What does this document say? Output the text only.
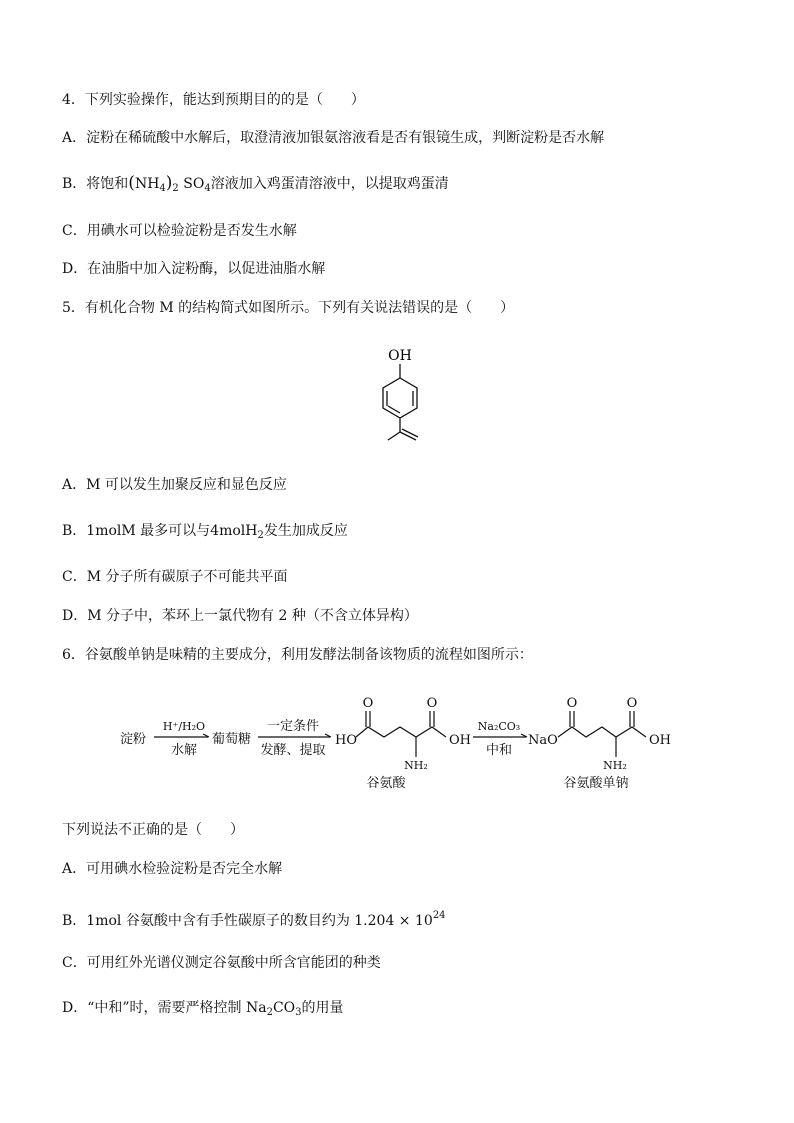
4．下列实验操作，能达到预期目的的是（　　）
A．淀粉在稀硫酸中水解后，取澄清液加银氨溶液看是否有银镜生成，判断淀粉是否水解
B．将饱和$(NH_4)_2$ $SO_4$溶液加入鸡蛋清溶液中，以提取鸡蛋清
C．用碘水可以检验淀粉是否发生水解
D．在油脂中加入淀粉酶，以促进油脂水解
5．有机化合物 M 的结构简式如图所示。下列有关说法错误的是（　　）
OH
A．M 可以发生加聚反应和显色反应
B．1molM 最多可以与4molH$_2$发生加成反应
C．M 分子所有碳原子不可能共平面
D．M 分子中，苯环上一氯代物有 2 种（不含立体异构）
6．谷氨酸单钠是味精的主要成分，利用发酵法制备该物质的流程如图所示：
淀粉
H⁺/H₂O
水解
葡萄糖
一定条件
发酵、提取
HO
O	O
OH
NH₂
谷氨酸
Na₂CO₃
中和
NaO
O	O
OH
NH₂
谷氨酸单钠
下列说法不正确的是（　　）
A．可用碘水检验淀粉是否完全水解
B．1mol 谷氨酸中含有手性碳原子的数目约为 $1.204 \times 10^{24}$
C．可用红外光谱仪测定谷氨酸中所含官能团的种类
D．“中和”时，需要严格控制 $Na_2CO_3$的用量
